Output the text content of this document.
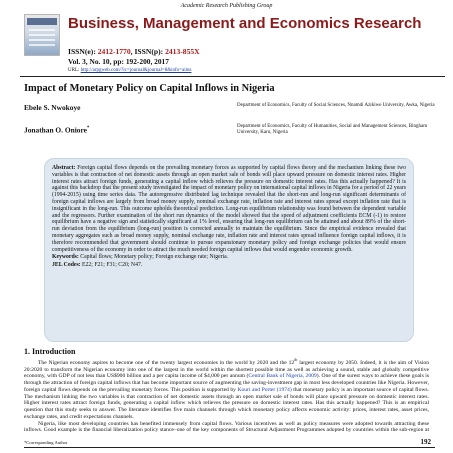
Academic Research Publishing Group
Business, Management and Economics Research
ISSN(e): 2412-1770, ISSN(p): 2413-855X
Vol. 3, No. 10, pp: 192-200, 2017
URL: http://arpgweb.com/?ic=journal&journal=8&info=aims
Impact of Monetary Policy on Capital Inflows in Nigeria
Ebele S. Nwokoye	Department of Economics, Faculty of Social Sciences, Nnamdi Azikiwe University, Awka, Nigeria
Jonathan O. Oniore*	Department of Economics, Faculty of Humanities, Social and Management Sciences, Bingham University, Karu, Nigeria

Abstract: Foreign capital flows depends on the prevailing monetary forces as supported by capital flows theory and the mechanism linking these two variables is that contraction of net domestic assets through an open market sale of bonds will place upward pressure on domestic interest rates. Higher interest rates attract foreign funds, generating a capital inflow which relieves the pressure on domestic interest rates. Has this actually happened? It is against this backdrop that the present study investigated the impact of monetary policy on international capital inflows in Nigeria for a period of 22 years (1994-2015) using time series data. The autoregressive distributed lag technique revealed that the short-run and long-run significant determinants of foreign capital inflows are largely from broad money supply, nominal exchange rate, inflation rate and interest rates spread except inflation rate that is insignificant in the long-run. This outcome upholds theoretical prediction. Long-run equilibrium relationship was found between the dependent variable and the regressors. Further examination of the short run dynamics of the model showed that the speed of adjustment coefficients ECM (-1) to restore equilibrium have a negative sign and statistically significant at 1% level, ensuring that long-run equilibrium can be attained and about 89% of the short-run deviation from the equilibrium (long-run) position is corrected annually to maintain the equilibrium. Since the empirical evidence revealed that monetary aggregates such as broad money supply, nominal exchange rate, inflation rate and interest rates spread influence foreign capital inflows, it is therefore recommended that government should continue to pursue expansionary monetary policy and foreign exchange policies that would ensure competitiveness of the economy in order to attract the much needed foreign capital inflows that would engender economic growth.

Keywords: Capital flows; Monetary policy; Foreign exchange rate; Nigeria.

JEL Codes: E22; F21; F31; C20; N47.

1. Introduction

The Nigerian economy aspires to become one of the twenty largest economies in the world by 2020 and the 12th largest economy by 2050. Indeed, it is the aim of Vision 20:2020 to transform the Nigerian economy into one of the largest in the world within the shortest possible time as well as achieving a sound, stable and globally competitive economy, with GDP of not less than US$900 billion and a per capita income of $4,000 per annum (Central Bank of Nigeria, 2009). One of the surest ways to achieve these goals is through the attraction of foreign capital inflows that has become important source of augmenting the saving-investment gap in most less developed countries like Nigeria. However, foreign capital flows depends on the prevailing monetary forces. This position is supported by Kouri and Porter (1974) that monetary policy is an important source of capital flows. The mechanism linking the two variables is that contraction of net domestic assets through an open market sale of bonds will place upward pressure on domestic interest rates. Higher interest rates attract foreign funds, generating a capital inflow which relieves the pressure on domestic interest rates. Has this actually happened? This is an empirical question that this study seeks to answer. The literature identifies five main channels through which monetary policy affects economic activity: prices, interest rates, asset prices, exchange rates, and credit expectations channels.

Nigeria, like most developing countries has benefited immensely from capital flows. Various incentives as well as policy measures were adopted towards attracting these inflows. Good example is the financial liberalization policy stance–one of the key components of Structural Adjustment Programmes adopted by countries within the sub-region at

*Corresponding Author	192
